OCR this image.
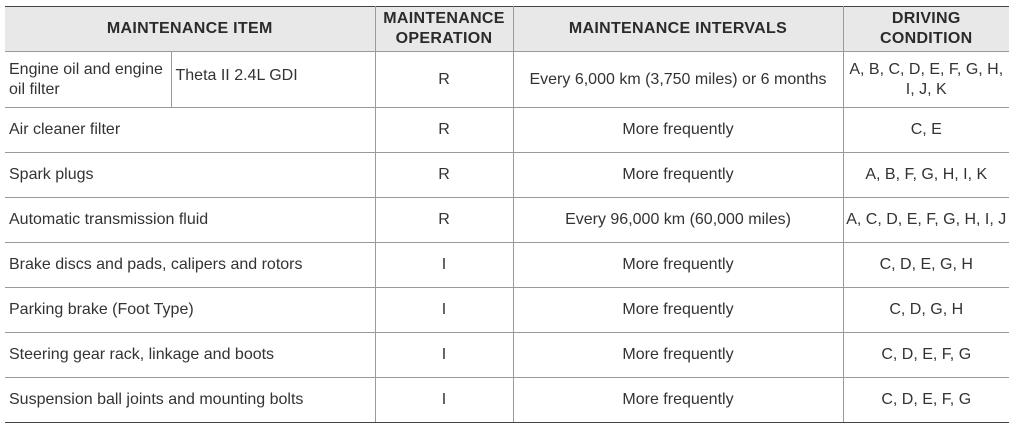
MAINTENANCE ITEM		MAINTENANCE OPERATION	MAINTENANCE INTERVALS	DRIVING CONDITION
Engine oil and engine oil filter	Theta II 2.4L GDI	R	Every 6,000 km (3,750 miles) or 6 months	A, B, C, D, E, F, G, H, I, J, K
Air cleaner filter		R	More frequently	C, E
Spark plugs		R	More frequently	A, B, F, G, H, I, K
Automatic transmission fluid		R	Every 96,000 km (60,000 miles)	A, C, D, E, F, G, H, I, J
Brake discs and pads, calipers and rotors		I	More frequently	C, D, E, G, H
Parking brake (Foot Type)		I	More frequently	C, D, G, H
Steering gear rack, linkage and boots		I	More frequently	C, D, E, F, G
Suspension ball joints and mounting bolts		I	More frequently	C, D, E, F, G
